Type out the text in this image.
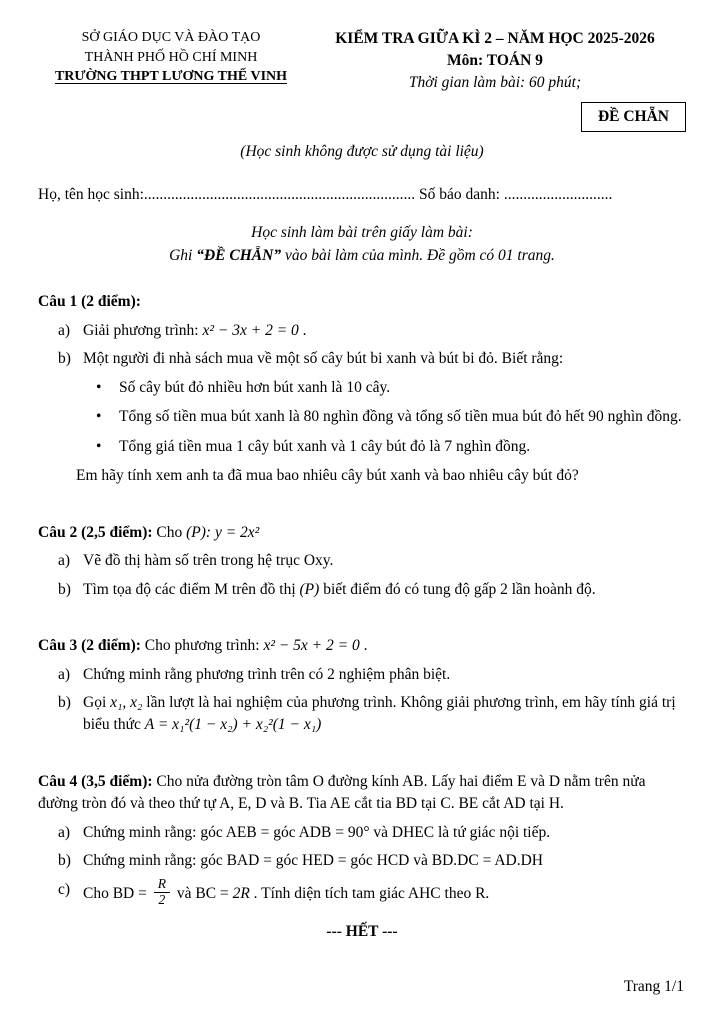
SỞ GIÁO DỤC VÀ ĐÀO TẠO
THÀNH PHỐ HỒ CHÍ MINH
TRƯỜNG THPT LƯƠNG THẾ VINH
KIỂM TRA GIỮA KÌ 2 – NĂM HỌC 2025-2026
Môn: TOÁN 9
Thời gian làm bài: 60 phút;
ĐỀ CHẴN
(Học sinh không được sử dụng tài liệu)
Họ, tên học sinh:...................................................................... Số báo danh: ............................
Học sinh làm bài trên giấy làm bài:
Ghi “ĐỀ CHẴN” vào bài làm của mình. Đề gồm có 01 trang.
Câu 1 (2 điểm):
a) Giải phương trình: x² − 3x + 2 = 0 .
b) Một người đi nhà sách mua về một số cây bút bi xanh và bút bi đỏ. Biết rằng:
•	Số cây bút đỏ nhiều hơn bút xanh là 10 cây.
•	Tổng số tiền mua bút xanh là 80 nghìn đồng và tổng số tiền mua bút đỏ hết 90 nghìn đồng.
•	Tổng giá tiền mua 1 cây bút xanh và 1 cây bút đỏ là 7 nghìn đồng.
Em hãy tính xem anh ta đã mua bao nhiêu cây bút xanh và bao nhiêu cây bút đỏ?
Câu 2 (2,5 điểm): Cho (P): y = 2x²
a) Vẽ đồ thị hàm số trên trong hệ trục Oxy.
b) Tìm tọa độ các điểm M trên đồ thị (P) biết điểm đó có tung độ gấp 2 lần hoành độ.
Câu 3 (2 điểm): Cho phương trình: x² − 5x + 2 = 0 .
a) Chứng minh rằng phương trình trên có 2 nghiệm phân biệt.
b) Gọi x₁, x₂ lần lượt là hai nghiệm của phương trình. Không giải phương trình, em hãy tính giá trị biểu thức A = x₁²(1 − x₂) + x₂²(1 − x₁)
Câu 4 (3,5 điểm): Cho nửa đường tròn tâm O đường kính AB. Lấy hai điểm E và D nằm trên nửa đường tròn đó và theo thứ tự A, E, D và B. Tia AE cắt tia BD tại C. BE cắt AD tại H.
a) Chứng minh rằng: góc AEB = góc ADB = 90° và DHEC là tứ giác nội tiếp.
b) Chứng minh rằng: góc BAD = góc HED = góc HCD và BD.DC = AD.DH
c) Cho BD = $\frac{R}{2}$ và BC = 2R . Tính diện tích tam giác AHC theo R.
--- HẾT ---
Trang 1/1
